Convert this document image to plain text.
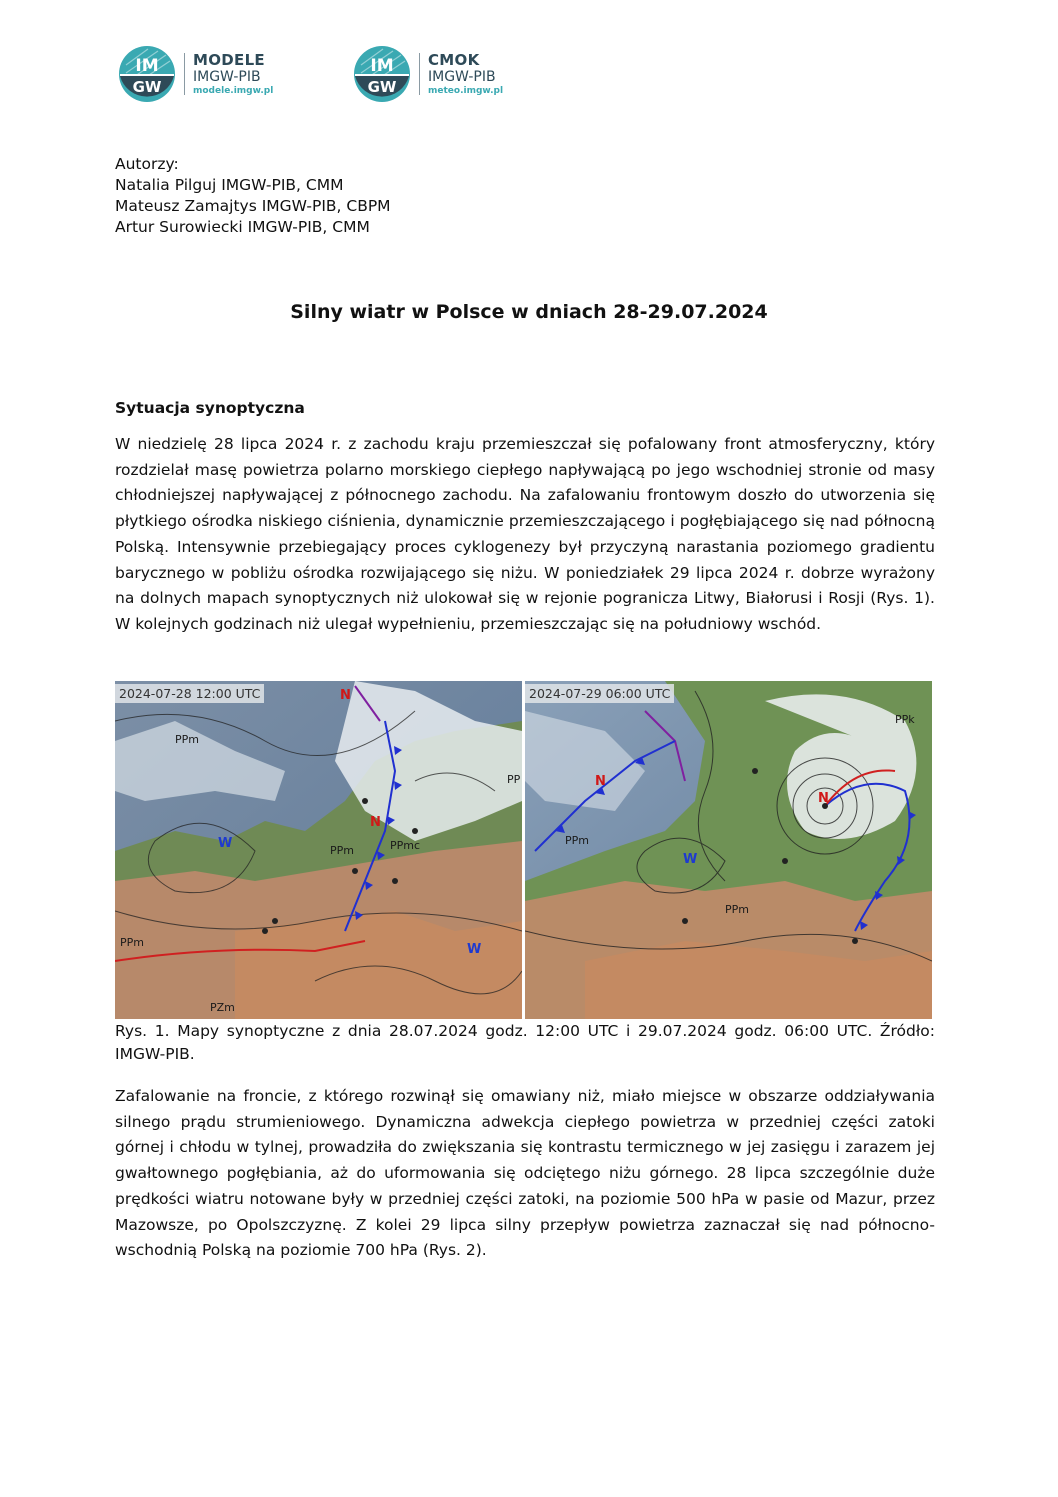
IM
GW
MODELE
IMGW-PIB
modele.imgw.pl
IM
GW
CMOK
IMGW-PIB
meteo.imgw.pl
Autorzy:
Natalia Pilguj IMGW-PIB, CMM
Mateusz Zamajtys IMGW-PIB, CBPM
Artur Surowiecki IMGW-PIB, CMM
Silny wiatr w Polsce w dniach 28-29.07.2024
Sytuacja synoptyczna
W niedzielę 28 lipca 2024 r. z zachodu kraju przemieszczał się pofalowany front atmosferyczny, który rozdzielał masę powietrza polarno morskiego ciepłego napływającą po jego wschodniej stronie od masy chłodniejszej napływającej z północnego zachodu. Na zafalowaniu frontowym doszło do utworzenia się płytkiego ośrodka niskiego ciśnienia, dynamicznie przemieszczającego i pogłębiającego się nad północną Polską. Intensywnie przebiegający proces cyklogenezy był przyczyną narastania poziomego gradientu barycznego w pobliżu ośrodka rozwijającego się niżu. W poniedziałek 29 lipca 2024 r. dobrze wyrażony na dolnych mapach synoptycznych niż ulokował się w rejonie pogranicza Litwy, Białorusi i Rosji (Rys. 1). W kolejnych godzinach niż ulegał wypełnieniu, przemieszczając się na południowy wschód.
PPm
PPm	PPmc
PPm
PZm
PP
W
W
N
N
2024-07-28 12:00 UTC
PPk
PPm
PPm
W
N
N
2024-07-29 06:00 UTC
Rys. 1. Mapy synoptyczne z dnia 28.07.2024 godz. 12:00 UTC i 29.07.2024 godz. 06:00 UTC. Źródło: IMGW-PIB.
Zafalowanie na froncie, z którego rozwinął się omawiany niż, miało miejsce w obszarze oddziaływania silnego prądu strumieniowego. Dynamiczna adwekcja ciepłego powietrza w przedniej części zatoki górnej i chłodu w tylnej, prowadziła do zwiększania się kontrastu termicznego w jej zasięgu i zarazem jej gwałtownego pogłębiania, aż do uformowania się odciętego niżu górnego. 28 lipca szczególnie duże prędkości wiatru notowane były w przedniej części zatoki, na poziomie 500 hPa w pasie od Mazur, przez Mazowsze, po Opolszczyznę. Z kolei 29 lipca silny przepływ powietrza zaznaczał się nad północno-wschodnią Polską na poziomie 700 hPa (Rys. 2).
